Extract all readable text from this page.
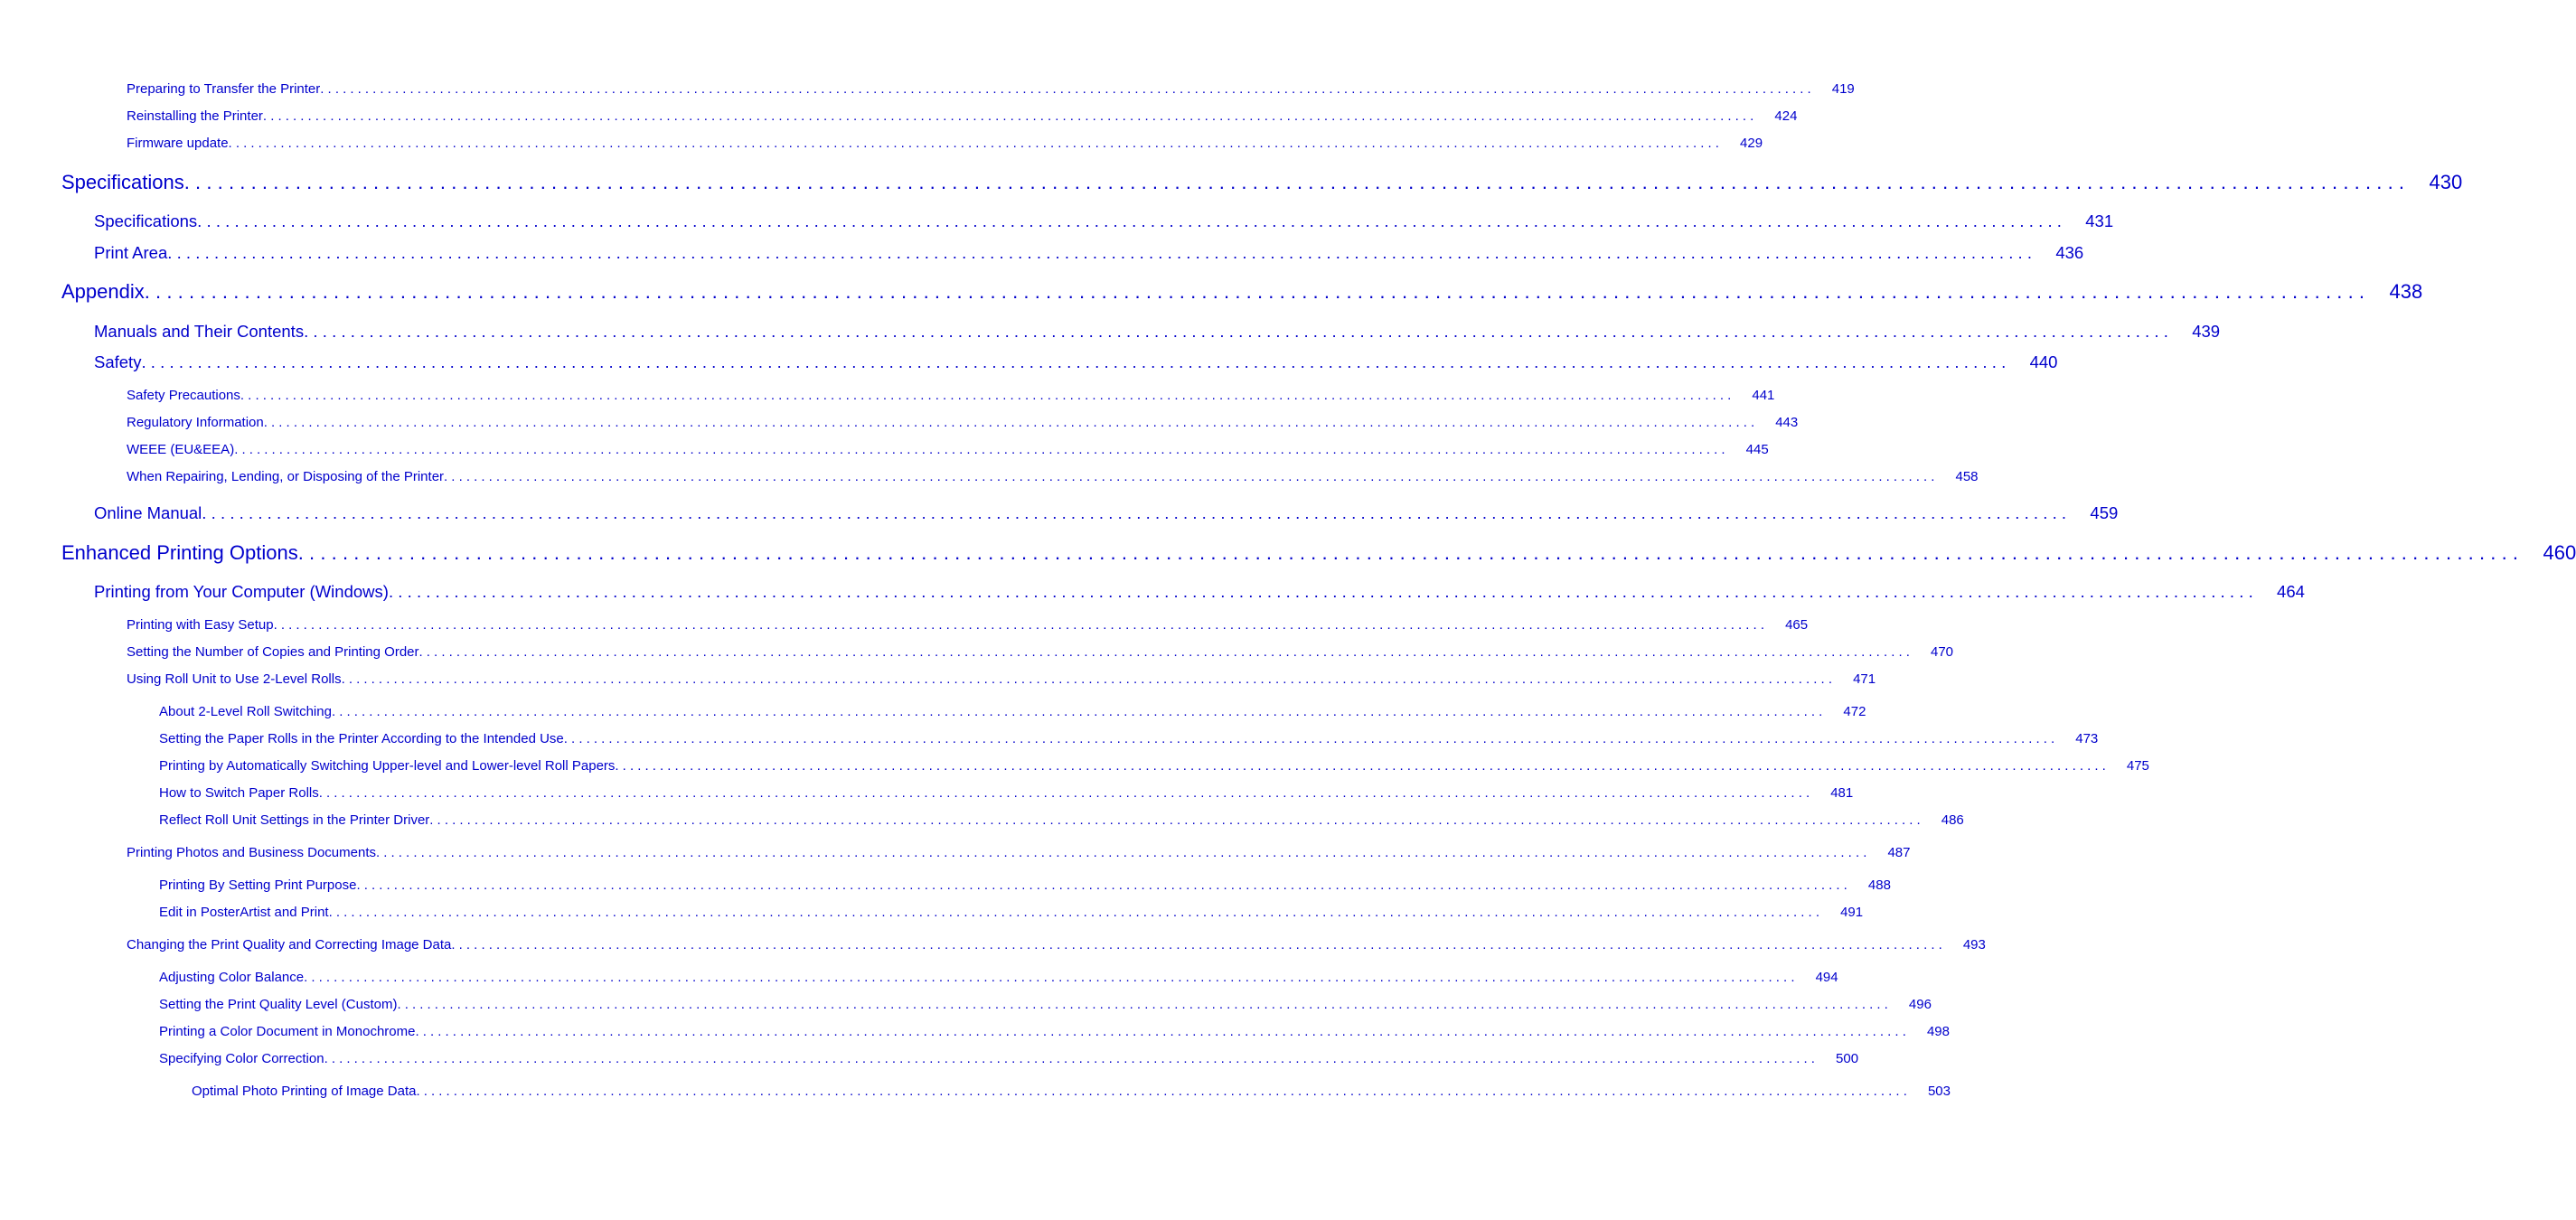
Preparing to Transfer the Printer ........................................................................................................................................................................................................	419
Reinstalling the Printer ........................................................................................................................................................................................................	424
Firmware update ........................................................................................................................................................................................................	429
Specifications ........................................................................................................................................................................................................ 430
Specifications ........................................................................................................................................................................................................	431
Print Area ........................................................................................................................................................................................................	436
Appendix ........................................................................................................................................................................................................ 438
Manuals and Their Contents ........................................................................................................................................................................................................	439
Safety ........................................................................................................................................................................................................	440
Safety Precautions ........................................................................................................................................................................................................	441
Regulatory Information ........................................................................................................................................................................................................	443
WEEE (EU&EEA) ........................................................................................................................................................................................................	445
When Repairing, Lending, or Disposing of the Printer ........................................................................................................................................................................................................	458
Online Manual ........................................................................................................................................................................................................	459
Enhanced Printing Options ........................................................................................................................................................................................................ 460
Printing from Your Computer (Windows) ........................................................................................................................................................................................................	464
Printing with Easy Setup ........................................................................................................................................................................................................	465
Setting the Number of Copies and Printing Order ........................................................................................................................................................................................................	470
Using Roll Unit to Use 2-Level Rolls ........................................................................................................................................................................................................	471
About 2-Level Roll Switching ........................................................................................................................................................................................................	472
Setting the Paper Rolls in the Printer According to the Intended Use ........................................................................................................................................................................................................	473
Printing by Automatically Switching Upper-level and Lower-level Roll Papers ........................................................................................................................................................................................................	475
How to Switch Paper Rolls ........................................................................................................................................................................................................	481
Reflect Roll Unit Settings in the Printer Driver ........................................................................................................................................................................................................	486
Printing Photos and Business Documents ........................................................................................................................................................................................................	487
Printing By Setting Print Purpose ........................................................................................................................................................................................................	488
Edit in PosterArtist and Print ........................................................................................................................................................................................................	491
Changing the Print Quality and Correcting Image Data ........................................................................................................................................................................................................	493
Adjusting Color Balance ........................................................................................................................................................................................................	494
Setting the Print Quality Level (Custom) ........................................................................................................................................................................................................	496
Printing a Color Document in Monochrome ........................................................................................................................................................................................................	498
Specifying Color Correction ........................................................................................................................................................................................................	500
Optimal Photo Printing of Image Data ........................................................................................................................................................................................................	503
